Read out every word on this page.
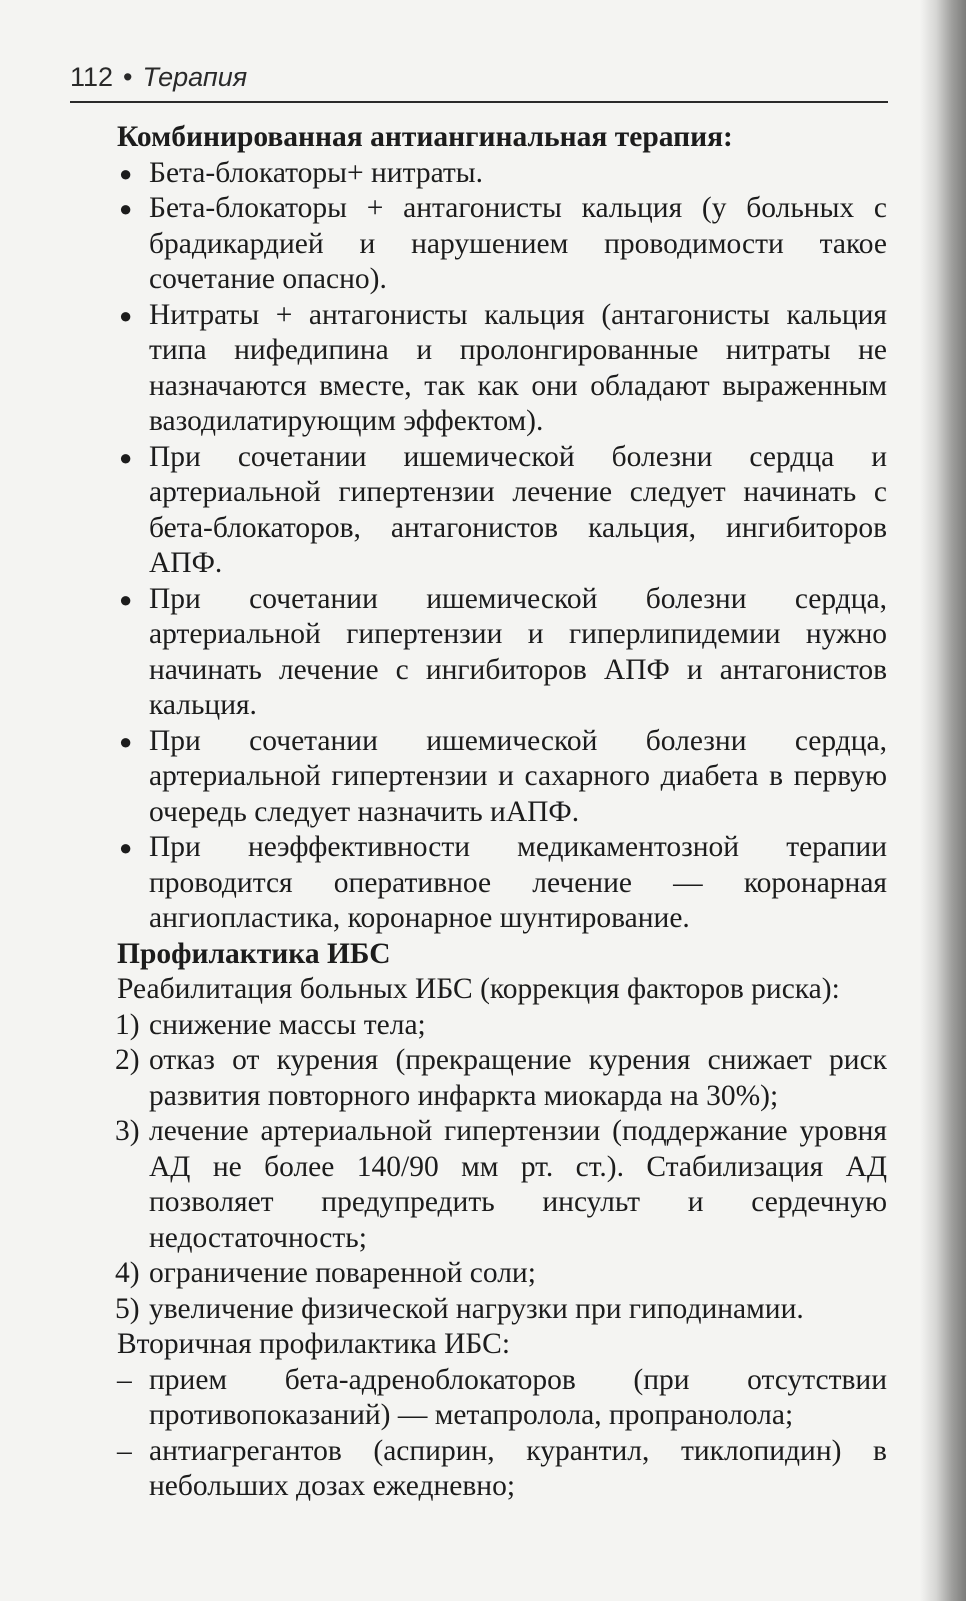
112 • Терапия

Комбинированная антиангинальная терапия:

● Бета-блокаторы+ нитраты.
● Бета-блокаторы + антагонисты кальция (у больных с брадикардией и нарушением проводимости такое сочетание опасно).
● Нитраты + антагонисты кальция (антагонисты кальция типа нифедипина и пролонгированные нитраты не назначаются вместе, так как они обладают выраженным вазодилатирующим эффектом).
● При сочетании ишемической болезни сердца и артериальной гипертензии лечение следует начинать с бета-блокаторов, антагонистов кальция, ингибиторов АПФ.
● При сочетании ишемической болезни сердца, артериальной гипертензии и гиперлипидемии нужно начинать лечение с ингибиторов АПФ и антагонистов кальция.
● При сочетании ишемической болезни сердца, артериальной гипертензии и сахарного диабета в первую очередь следует назначить иАПФ.
● При неэффективности медикаментозной терапии проводится оперативное лечение — коронарная ангиопластика, коронарное шунтирование.

Профилактика ИБС

Реабилитация больных ИБС (коррекция факторов риска):

1) снижение массы тела;
2) отказ от курения (прекращение курения снижает риск развития повторного инфаркта миокарда на 30%);
3) лечение артериальной гипертензии (поддержание уровня АД не более 140/90 мм рт. ст.). Стабилизация АД позволяет предупредить инсульт и сердечную недостаточность;
4) ограничение поваренной соли;
5) увеличение физической нагрузки при гиподинамии.

Вторичная профилактика ИБС:

– прием бета-адреноблокаторов (при отсутствии противопоказаний) — метапролола, пропранолола;
– антиагрегантов (аспирин, курантил, тиклопидин) в небольших дозах ежедневно;
